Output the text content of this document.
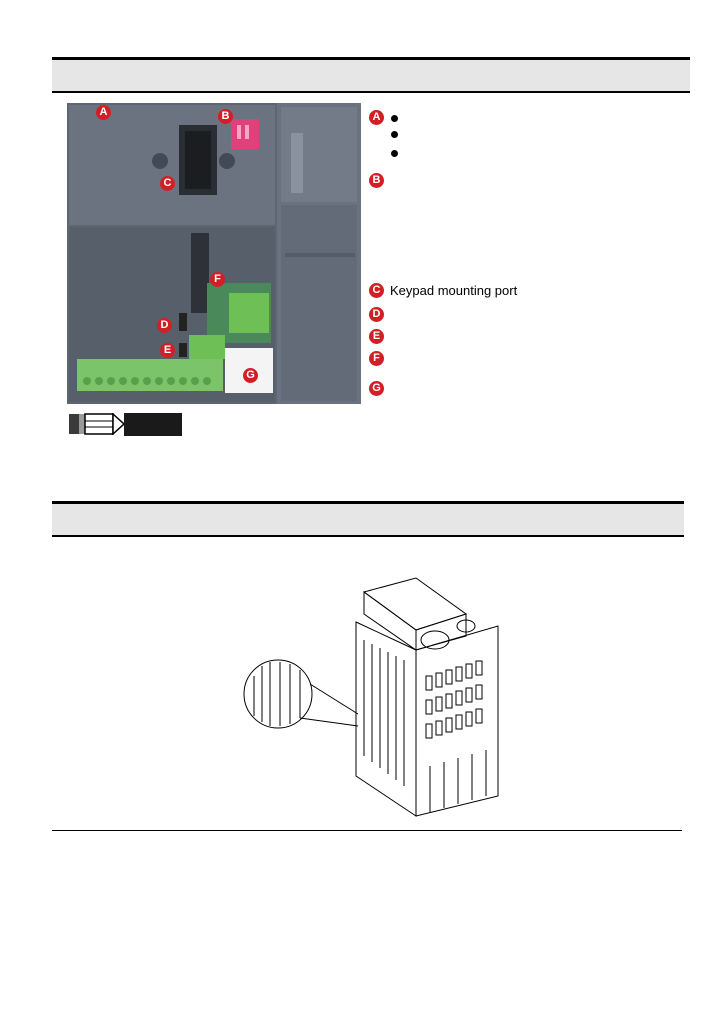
A	B
C
D
E
F
G
A
B
C Keypad mounting port
D
E
F
G
